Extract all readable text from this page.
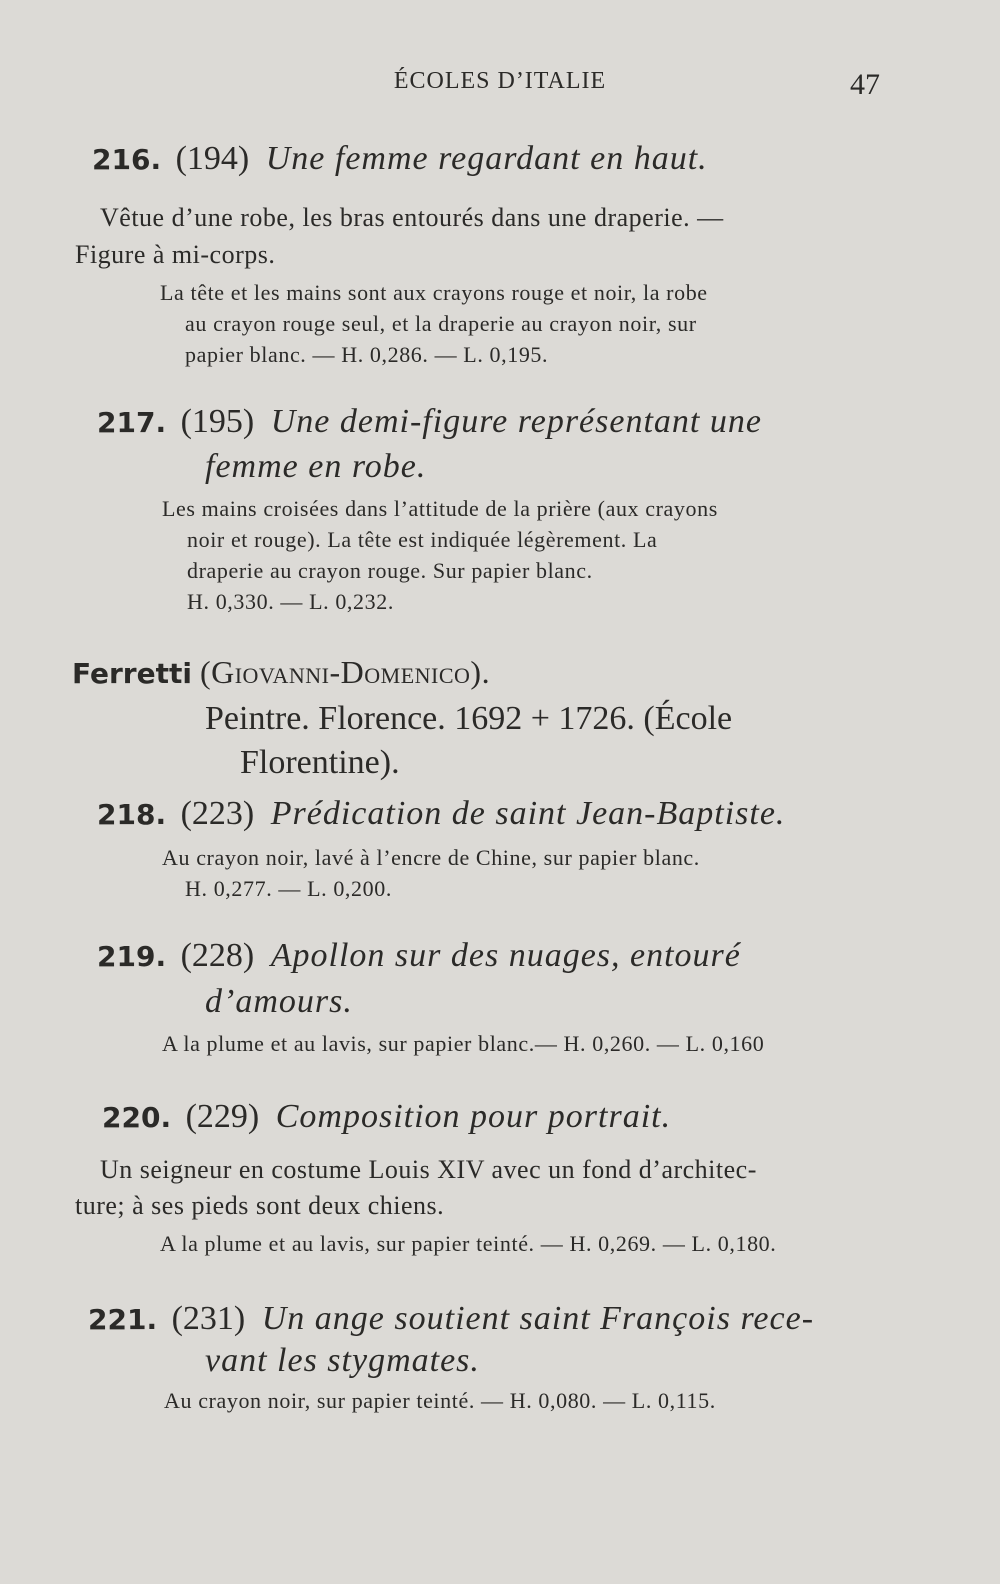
ÉCOLES D’ITALIE	47
216. (194) Une femme regardant en haut.
Vêtue d’une robe, les bras entourés dans une draperie. —
Figure à mi-corps.
La tête et les mains sont aux crayons rouge et noir, la robe
au crayon rouge seul, et la draperie au crayon noir, sur
papier blanc. — H. 0,286. — L. 0,195.
217. (195) Une demi-figure représentant une
femme en robe.
Les mains croisées dans l’attitude de la prière (aux crayons
noir et rouge). La tête est indiquée légèrement. La
draperie au crayon rouge. Sur papier blanc.
H. 0,330. — L. 0,232.
Ferretti (Giovanni-Domenico).
Peintre. Florence. 1692 + 1726. (École
Florentine).
218. (223) Prédication de saint Jean-Baptiste.
Au crayon noir, lavé à l’encre de Chine, sur papier blanc.
H. 0,277. — L. 0,200.
219. (228) Apollon sur des nuages, entouré
d’amours.
A la plume et au lavis, sur papier blanc.— H. 0,260. — L. 0,160
220. (229) Composition pour portrait.
Un seigneur en costume Louis XIV avec un fond d’architec-
ture; à ses pieds sont deux chiens.
A la plume et au lavis, sur papier teinté. — H. 0,269. — L. 0,180.
221. (231) Un ange soutient saint François rece-
vant les stygmates.
Au crayon noir, sur papier teinté. — H. 0,080. — L. 0,115.
